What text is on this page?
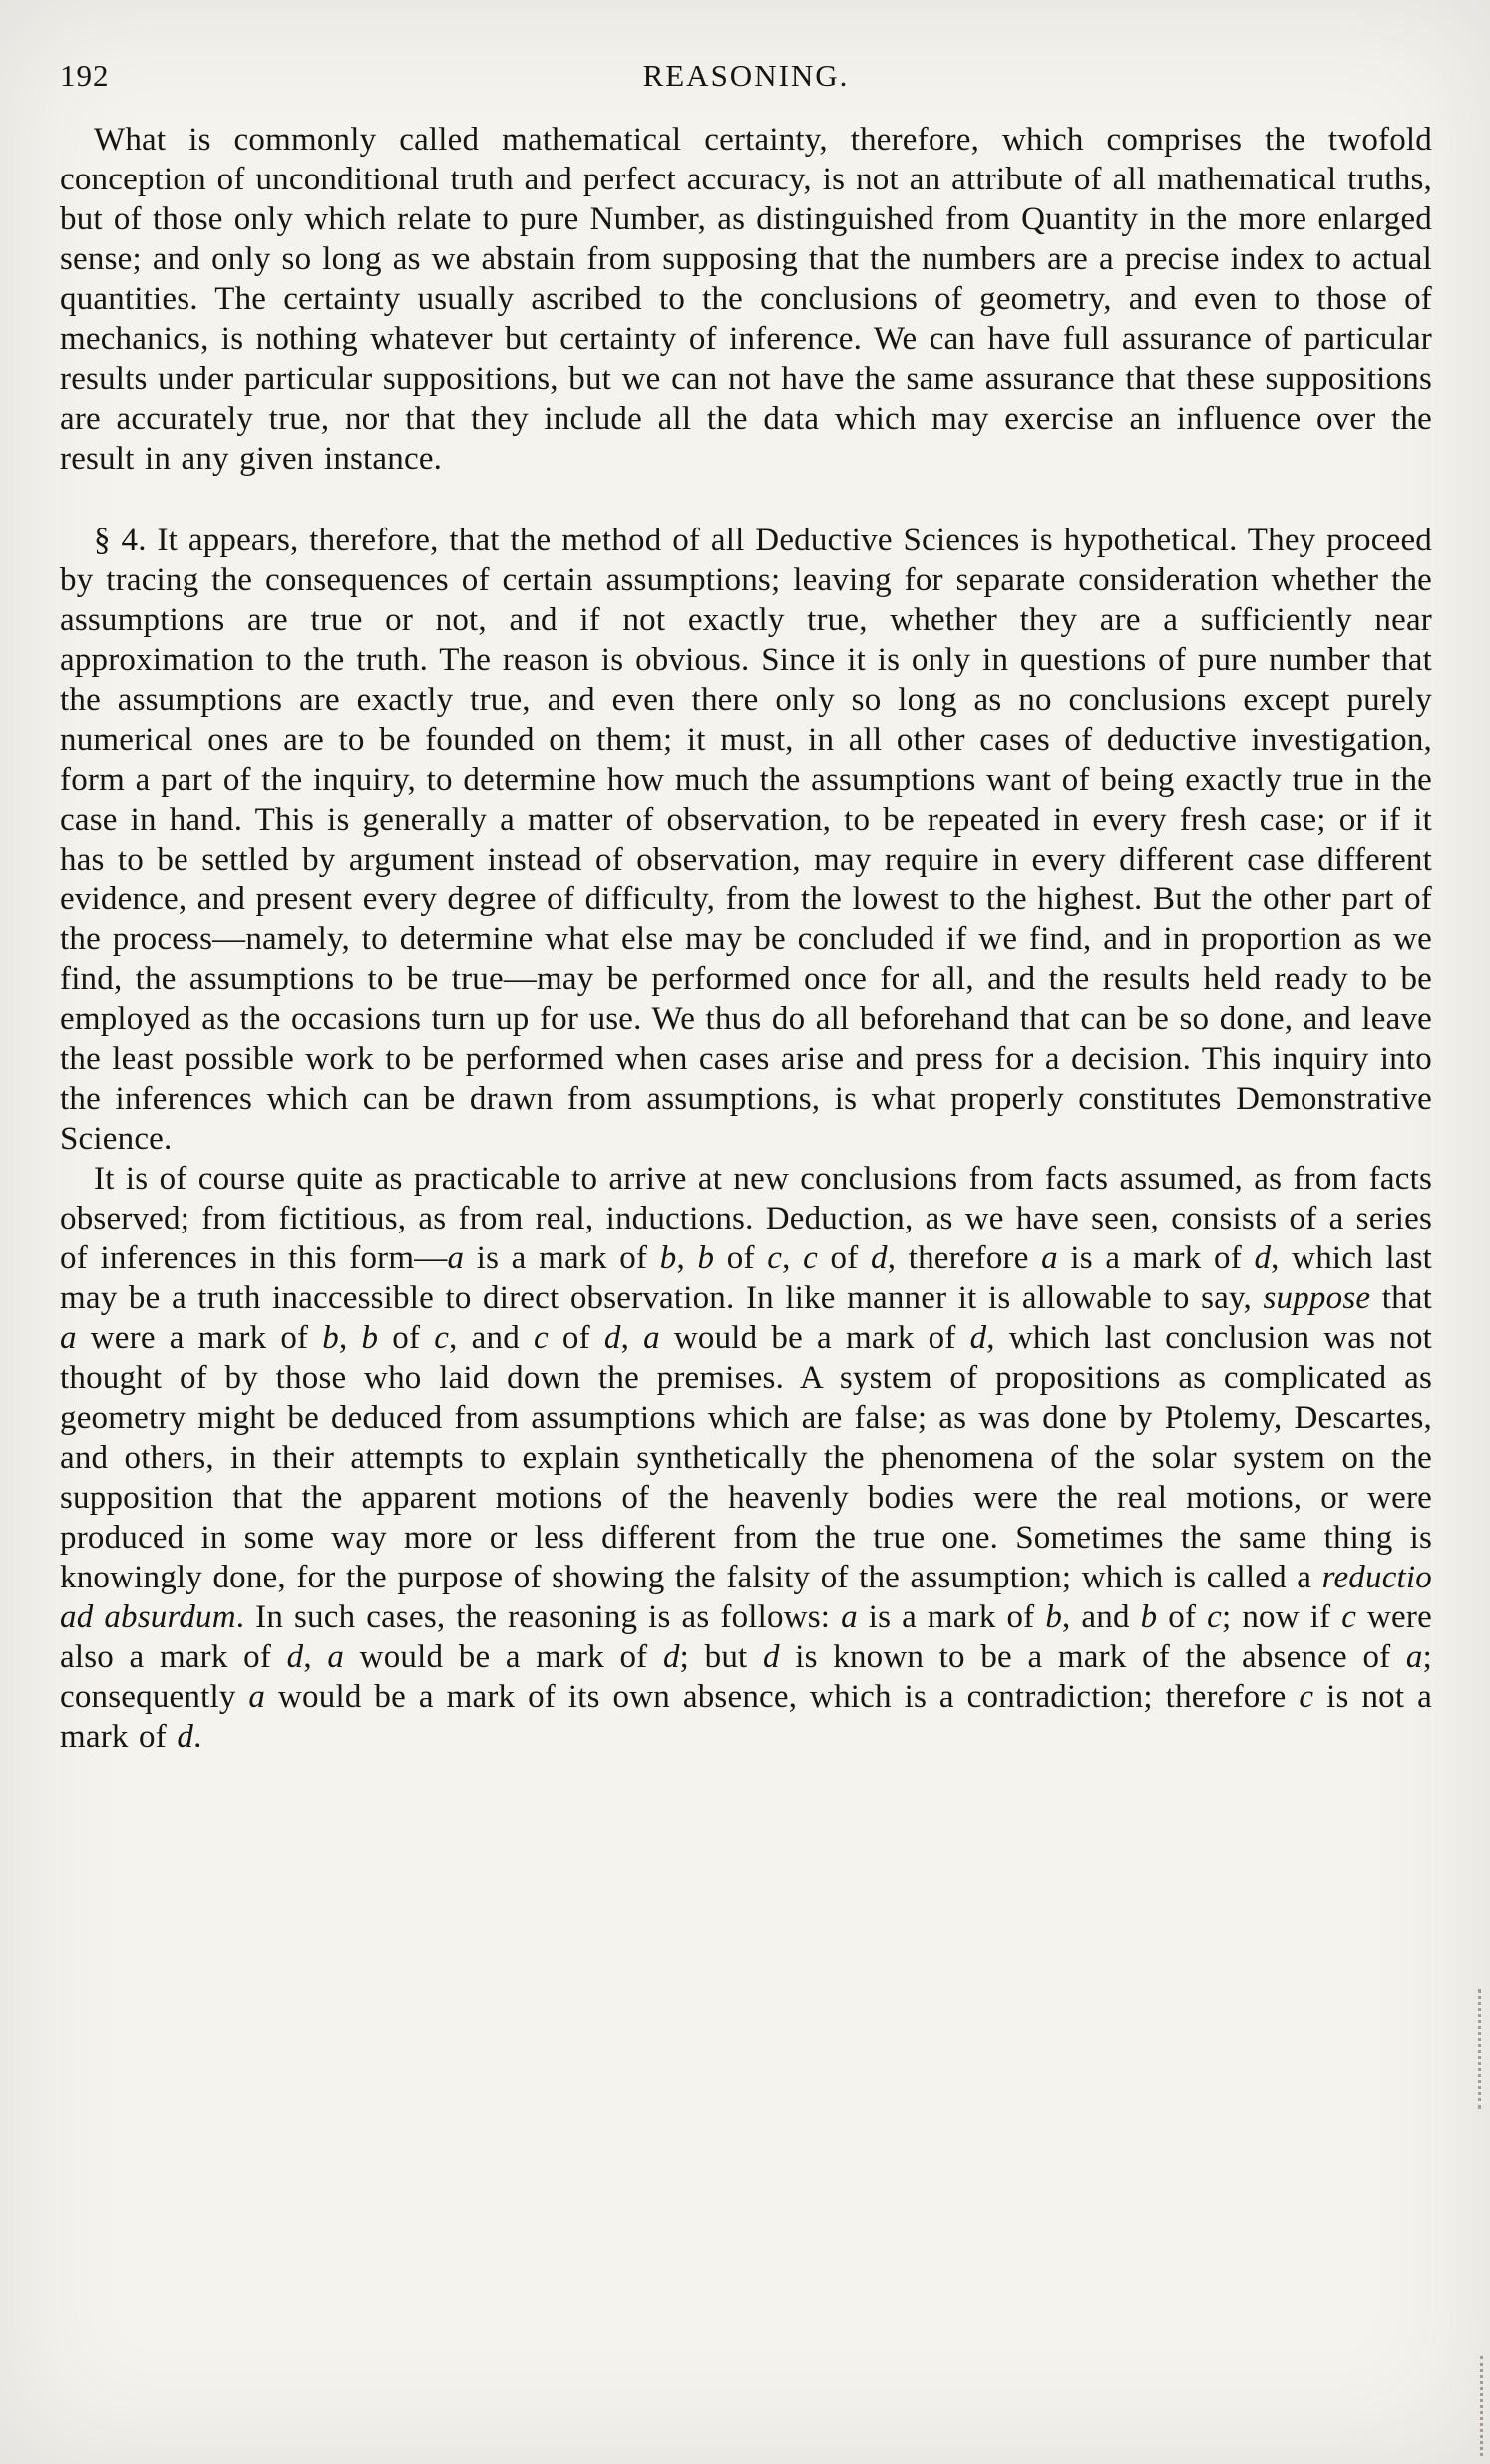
192	REASONING.

What is commonly called mathematical certainty, therefore, which comprises the twofold conception of unconditional truth and perfect accuracy, is not an attribute of all mathematical truths, but of those only which relate to pure Number, as distinguished from Quantity in the more enlarged sense; and only so long as we abstain from supposing that the numbers are a precise index to actual quantities. The certainty usually ascribed to the conclusions of geometry, and even to those of mechanics, is nothing whatever but certainty of inference. We can have full assurance of particular results under particular suppositions, but we can not have the same assurance that these suppositions are accurately true, nor that they include all the data which may exercise an influence over the result in any given instance.

§ 4. It appears, therefore, that the method of all Deductive Sciences is hypothetical. They proceed by tracing the consequences of certain assumptions; leaving for separate consideration whether the assumptions are true or not, and if not exactly true, whether they are a sufficiently near approximation to the truth. The reason is obvious. Since it is only in questions of pure number that the assumptions are exactly true, and even there only so long as no conclusions except purely numerical ones are to be founded on them; it must, in all other cases of deductive investigation, form a part of the inquiry, to determine how much the assumptions want of being exactly true in the case in hand. This is generally a matter of observation, to be repeated in every fresh case; or if it has to be settled by argument instead of observation, may require in every different case different evidence, and present every degree of difficulty, from the lowest to the highest. But the other part of the process—namely, to determine what else may be concluded if we find, and in proportion as we find, the assumptions to be true—may be performed once for all, and the results held ready to be employed as the occasions turn up for use. We thus do all beforehand that can be so done, and leave the least possible work to be performed when cases arise and press for a decision. This inquiry into the inferences which can be drawn from assumptions, is what properly constitutes Demonstrative Science.

It is of course quite as practicable to arrive at new conclusions from facts assumed, as from facts observed; from fictitious, as from real, inductions. Deduction, as we have seen, consists of a series of inferences in this form—a is a mark of b, b of c, c of d, therefore a is a mark of d, which last may be a truth inaccessible to direct observation. In like manner it is allowable to say, suppose that a were a mark of b, b of c, and c of d, a would be a mark of d, which last conclusion was not thought of by those who laid down the premises. A system of propositions as complicated as geometry might be deduced from assumptions which are false; as was done by Ptolemy, Descartes, and others, in their attempts to explain synthetically the phenomena of the solar system on the supposition that the apparent motions of the heavenly bodies were the real motions, or were produced in some way more or less different from the true one. Sometimes the same thing is knowingly done, for the purpose of showing the falsity of the assumption; which is called a reductio ad absurdum. In such cases, the reasoning is as follows: a is a mark of b, and b of c; now if c were also a mark of d, a would be a mark of d; but d is known to be a mark of the absence of a; consequently a would be a mark of its own absence, which is a contradiction; therefore c is not a mark of d.
